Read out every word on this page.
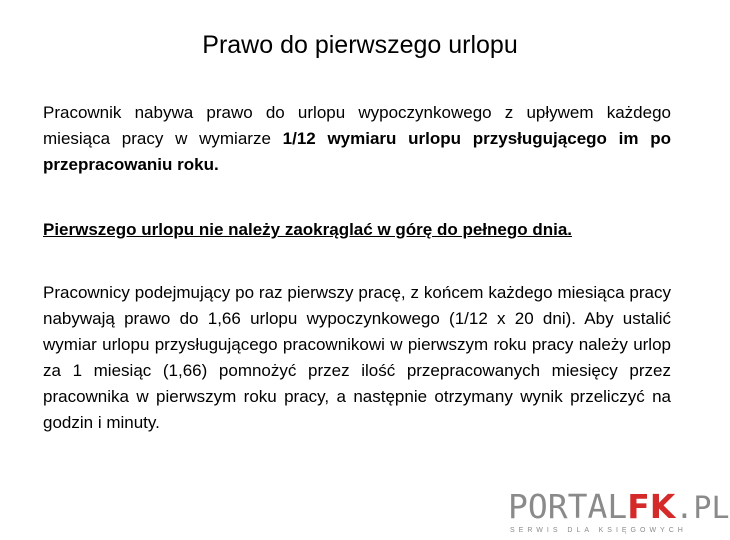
Prawo do pierwszego urlopu

Pracownik nabywa prawo do urlopu wypoczynkowego z upływem każdego miesiąca pracy w wymiarze 1/12 wymiaru urlopu przysługującego im po przepracowaniu roku.

Pierwszego urlopu nie należy zaokrąglać w górę do pełnego dnia.

Pracownicy podejmujący po raz pierwszy pracę, z końcem każdego miesiąca pracy nabywają prawo do 1,66 urlopu wypoczynkowego (1/12 x 20 dni). Aby ustalić wymiar urlopu przysługującego pracownikowi w pierwszym roku pracy należy urlop za 1 miesiąc (1,66) pomnożyć przez ilość przepracowanych miesięcy przez pracownika w pierwszym roku pracy, a następnie otrzymany wynik przeliczyć na godzin i minuty.

PORTALFK.PL
SERWIS DLA KSIĘGOWYCH
